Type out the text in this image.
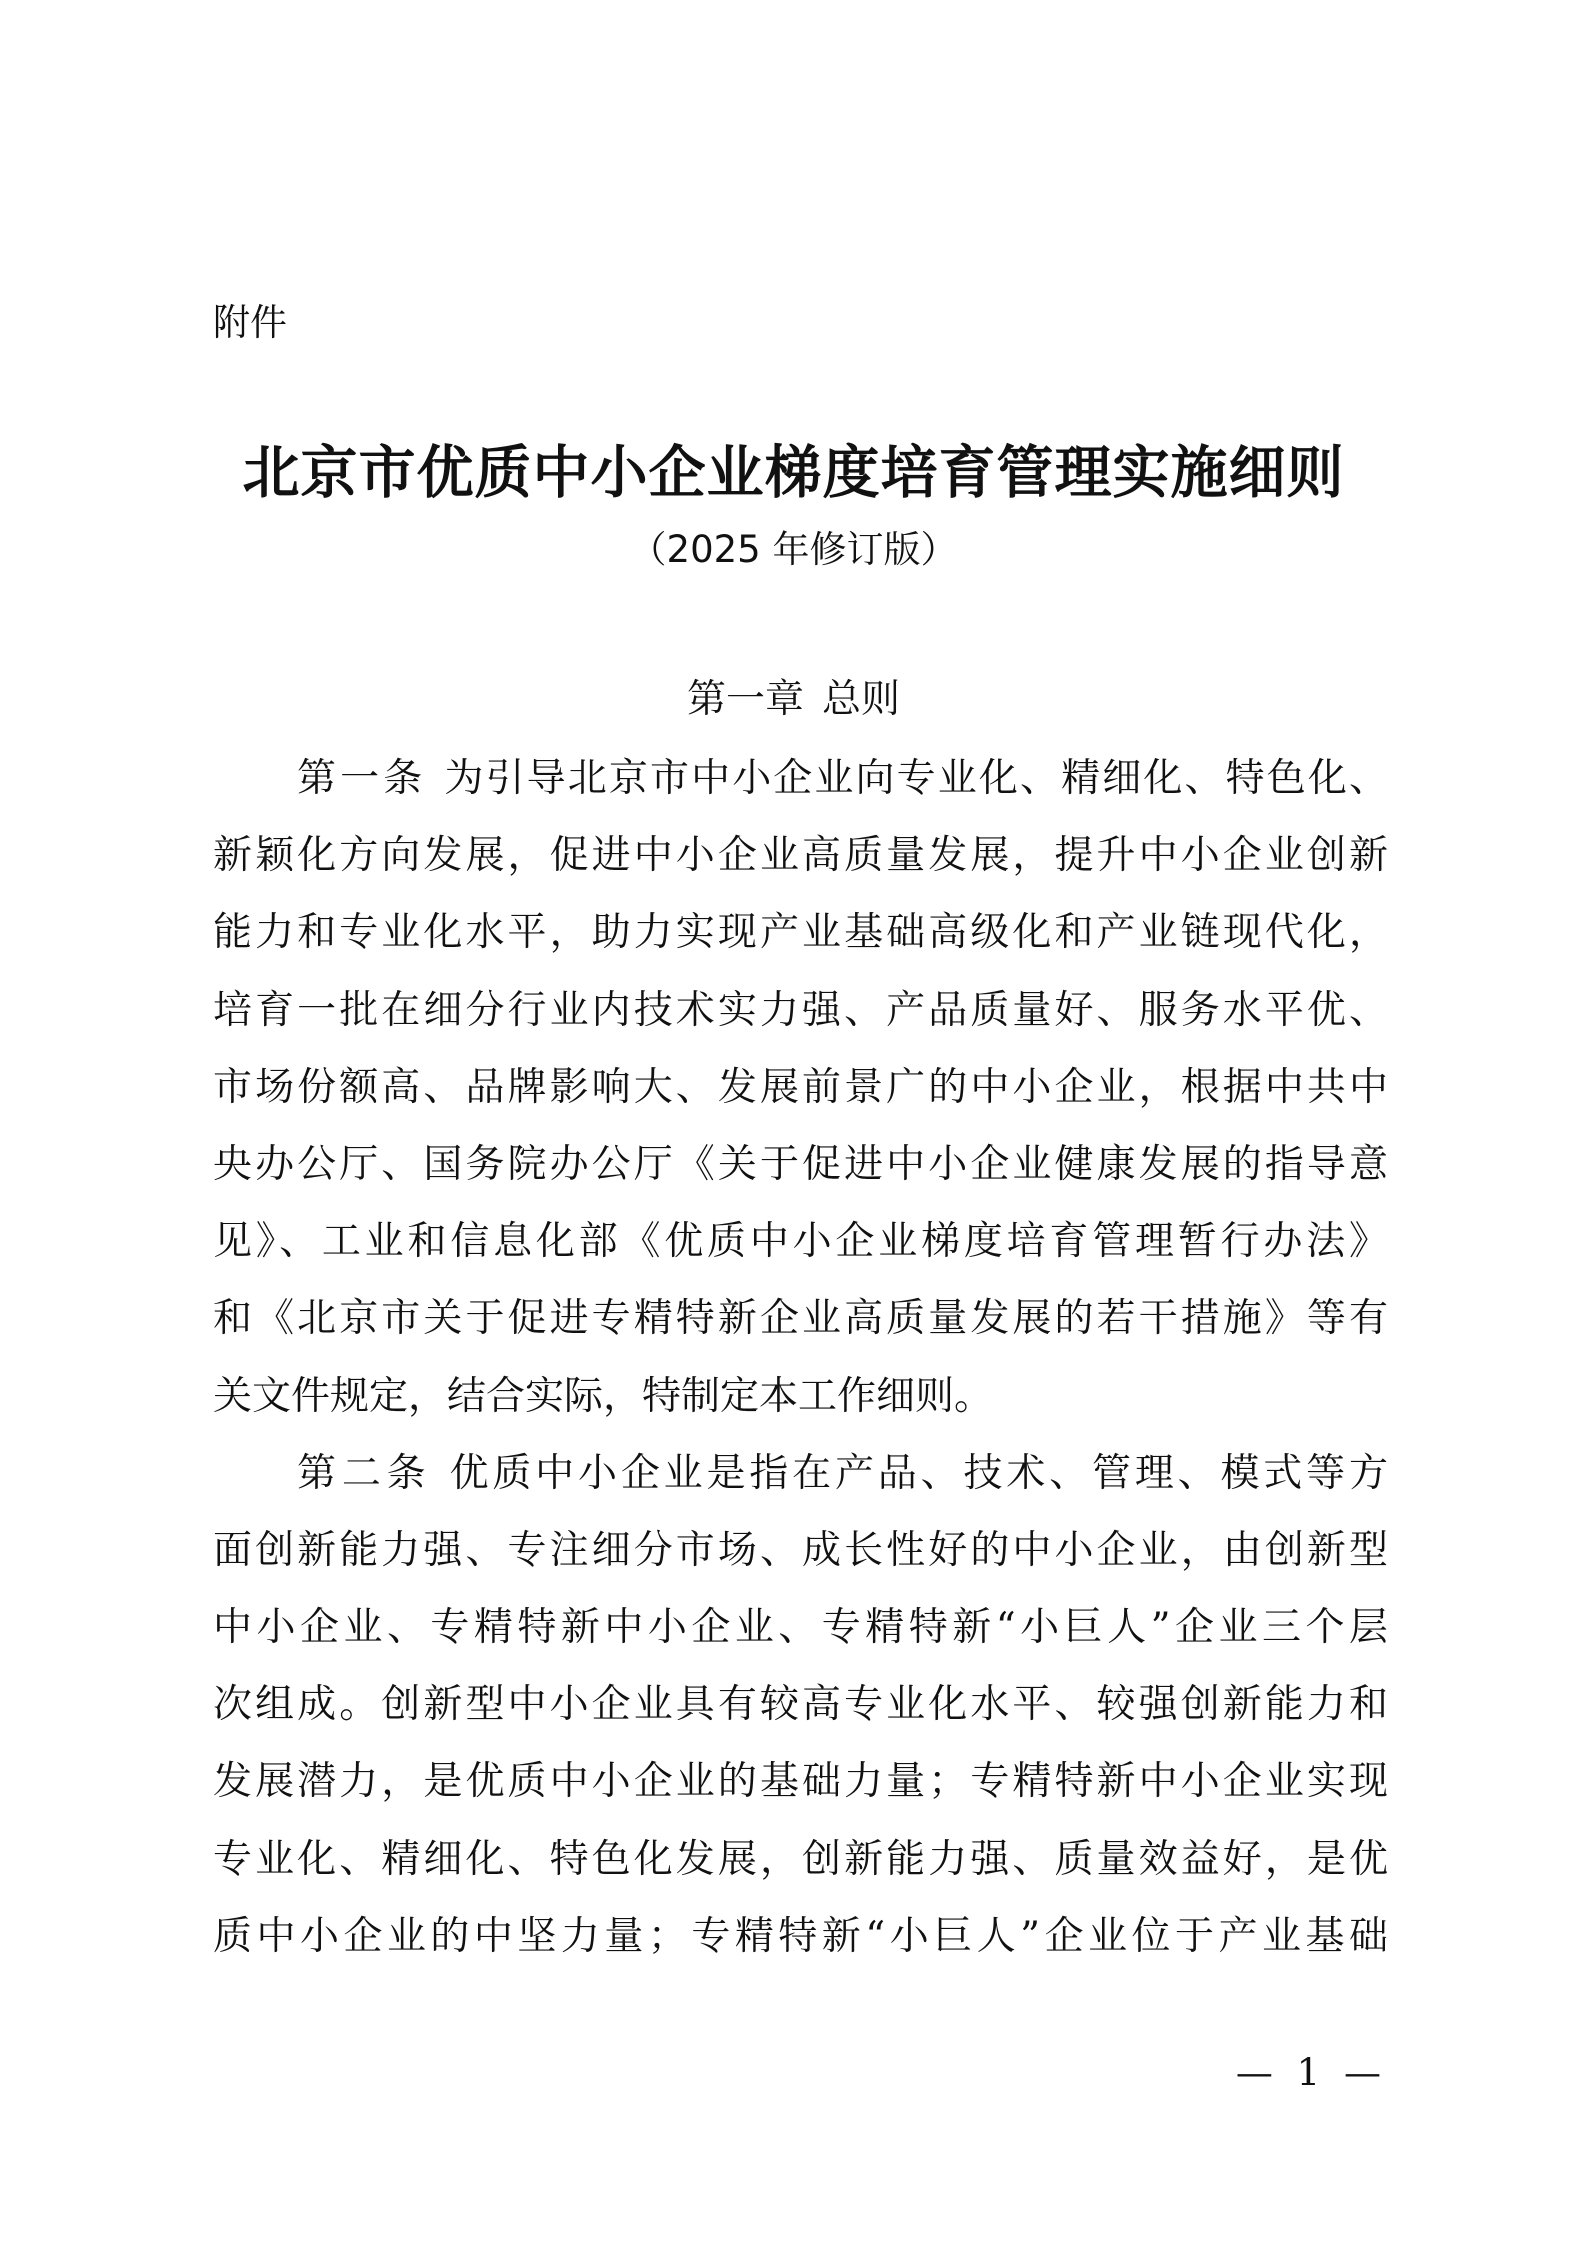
附件
北京市优质中小企业梯度培育管理实施细则
（2025 年修订版）
第一章 总则
第一条 为引导北京市中小企业向专业化、精细化、特色化、
新颖化方向发展，促进中小企业高质量发展，提升中小企业创新
能力和专业化水平，助力实现产业基础高级化和产业链现代化，
培育一批在细分行业内技术实力强、产品质量好、服务水平优、
市场份额高、品牌影响大、发展前景广的中小企业，根据中共中
央办公厅、国务院办公厅《关于促进中小企业健康发展的指导意
见》、工业和信息化部《优质中小企业梯度培育管理暂行办法》
和《北京市关于促进专精特新企业高质量发展的若干措施》等有
关文件规定，结合实际，特制定本工作细则。
第二条 优质中小企业是指在产品、技术、管理、模式等方
面创新能力强、专注细分市场、成长性好的中小企业，由创新型
中小企业、专精特新中小企业、专精特新“小巨人”企业三个层
次组成。创新型中小企业具有较高专业化水平、较强创新能力和
发展潜力，是优质中小企业的基础力量；专精特新中小企业实现
专业化、精细化、特色化发展，创新能力强、质量效益好，是优
质中小企业的中坚力量；专精特新“小巨人”企业位于产业基础
— 1 —
